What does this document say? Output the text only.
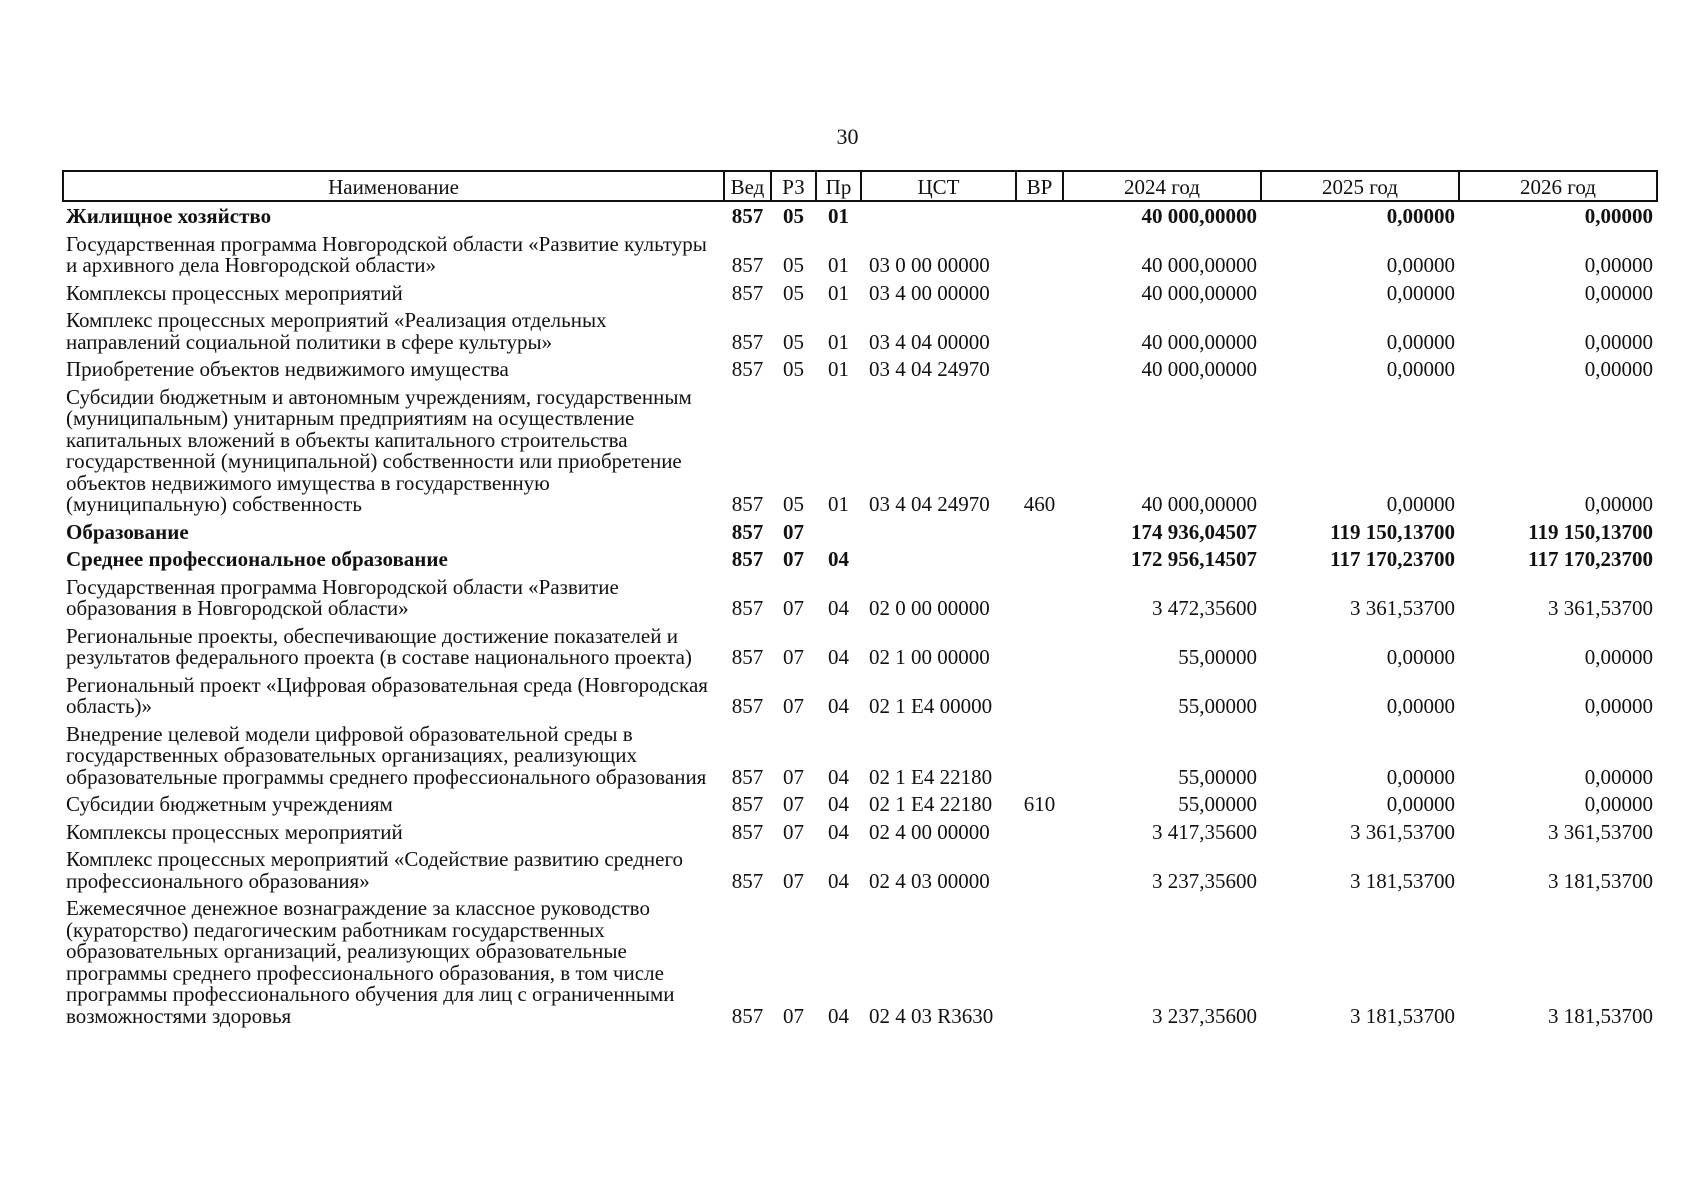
30
Наименование	Вед	РЗ	Пр	ЦСТ	ВР	2024 год	2025 год	2026 год
Жилищное хозяйство	857	05	01			40 000,00000	0,00000	0,00000
Государственная программа Новгородской области «Развитие культуры и архивного дела Новгородской области»	857	05	01	03 0 00 00000		40 000,00000	0,00000	0,00000
Комплексы процессных мероприятий	857	05	01	03 4 00 00000		40 000,00000	0,00000	0,00000
Комплекс процессных мероприятий «Реализация отдельных направлений социальной политики в сфере культуры»	857	05	01	03 4 04 00000		40 000,00000	0,00000	0,00000
Приобретение объектов недвижимого имущества	857	05	01	03 4 04 24970		40 000,00000	0,00000	0,00000
Субсидии бюджетным и автономным учреждениям, государственным (муниципальным) унитарным предприятиям на осуществление капитальных вложений в объекты капитального строительства государственной (муниципальной) собственности или приобретение объектов недвижимого имущества в государственную (муниципальную) собственность	857	05	01	03 4 04 24970	460	40 000,00000	0,00000	0,00000
Образование	857	07				174 936,04507	119 150,13700	119 150,13700
Среднее профессиональное образование	857	07	04			172 956,14507	117 170,23700	117 170,23700
Государственная программа Новгородской области «Развитие образования в Новгородской области»	857	07	04	02 0 00 00000		3 472,35600	3 361,53700	3 361,53700
Региональные проекты, обеспечивающие достижение показателей и результатов федерального проекта (в составе национального проекта)	857	07	04	02 1 00 00000		55,00000	0,00000	0,00000
Региональный проект «Цифровая образовательная среда (Новгородская область)»	857	07	04	02 1 E4 00000		55,00000	0,00000	0,00000
Внедрение целевой модели цифровой образовательной среды в государственных образовательных организациях, реализующих образовательные программы среднего профессионального образования	857	07	04	02 1 E4 22180		55,00000	0,00000	0,00000
Субсидии бюджетным учреждениям	857	07	04	02 1 E4 22180	610	55,00000	0,00000	0,00000
Комплексы процессных мероприятий	857	07	04	02 4 00 00000		3 417,35600	3 361,53700	3 361,53700
Комплекс процессных мероприятий «Содействие развитию среднего профессионального образования»	857	07	04	02 4 03 00000		3 237,35600	3 181,53700	3 181,53700
Ежемесячное денежное вознаграждение за классное руководство (кураторство) педагогическим работникам государственных образовательных организаций, реализующих образовательные программы среднего профессионального образования, в том числе программы профессионального обучения для лиц с ограниченными возможностями здоровья	857	07	04	02 4 03 R3630		3 237,35600	3 181,53700	3 181,53700
